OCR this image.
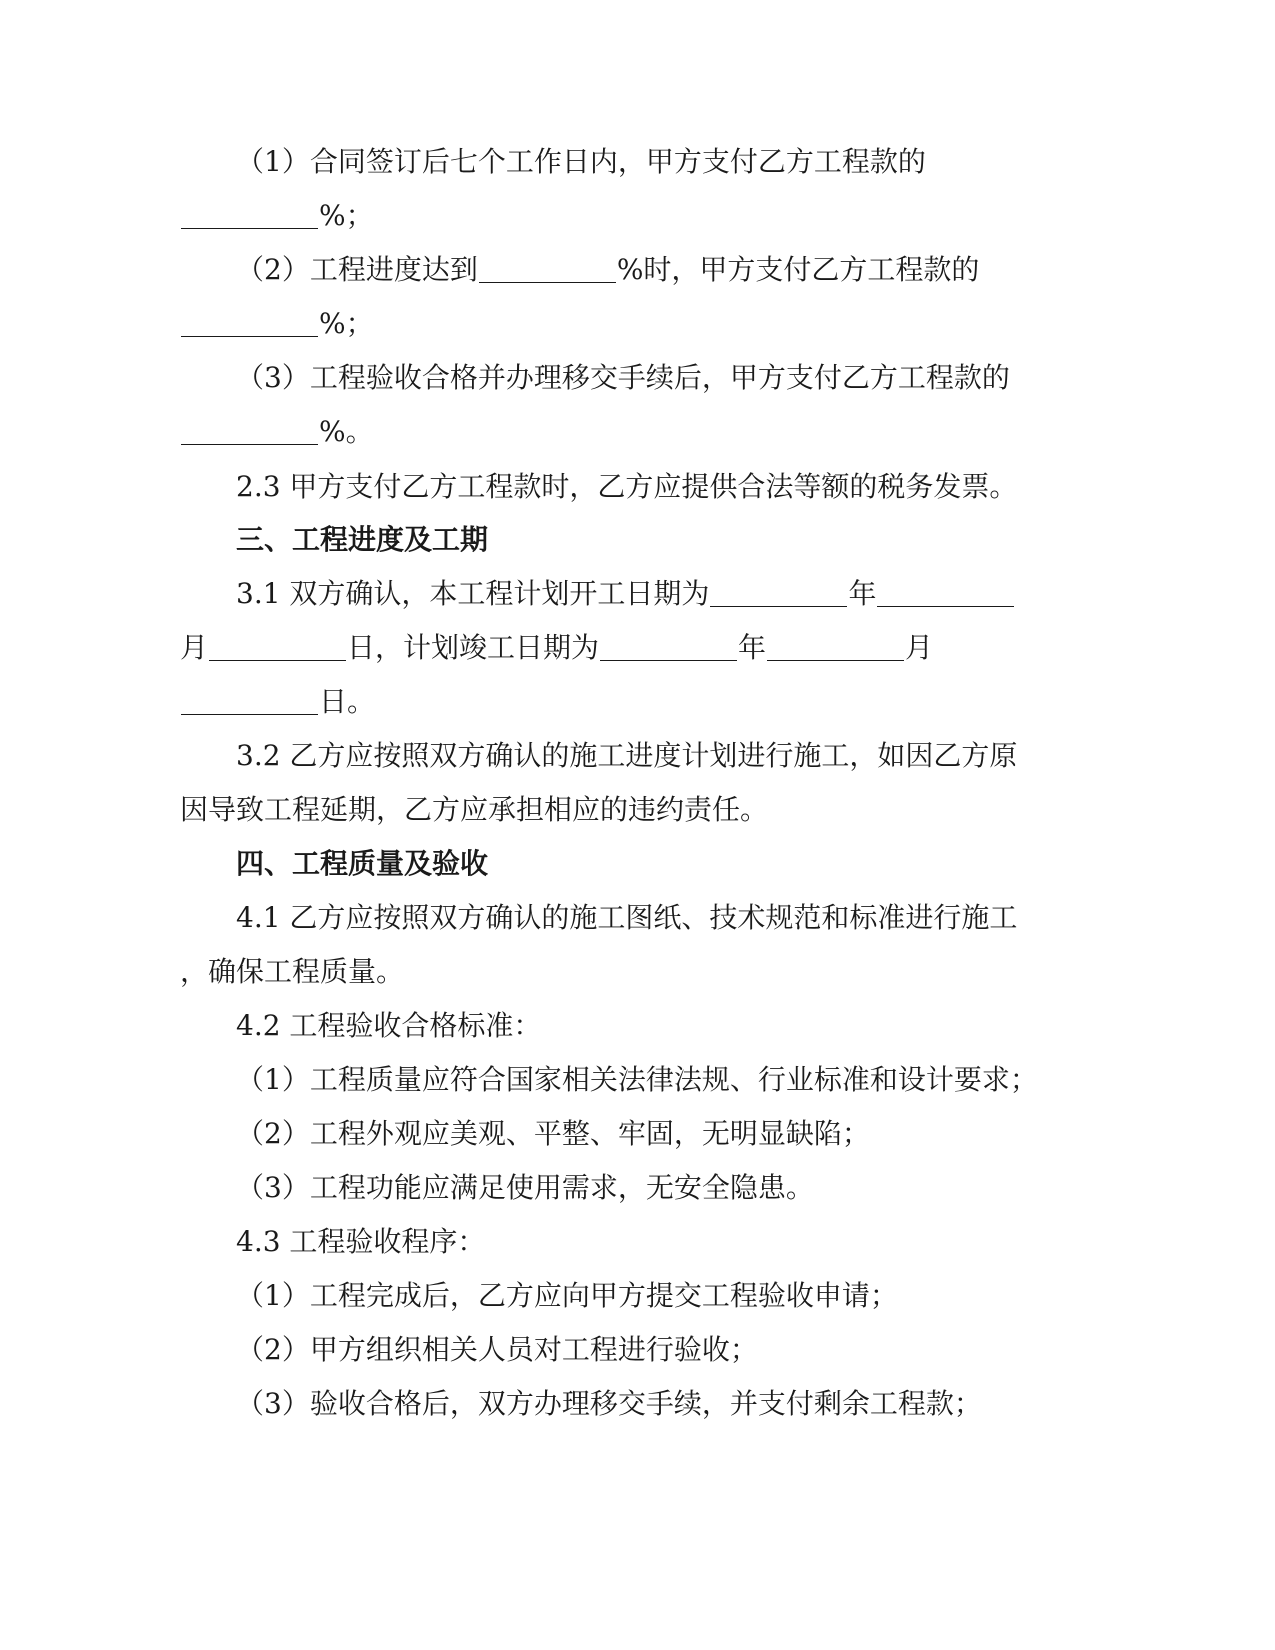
（1）合同签订后七个工作日内，甲方支付乙方工程款的
%；
（2）工程进度达到	%时，甲方支付乙方工程款的
%；
（3）工程验收合格并办理移交手续后，甲方支付乙方工程款的
%。
2.3 甲方支付乙方工程款时，乙方应提供合法等额的税务发票。
三、工程进度及工期
3.1 双方确认，本工程计划开工日期为	年
月	日，计划竣工日期为	年	月
日。
3.2 乙方应按照双方确认的施工进度计划进行施工，如因乙方原
因导致工程延期，乙方应承担相应的违约责任。
四、工程质量及验收
4.1 乙方应按照双方确认的施工图纸、技术规范和标准进行施工
，确保工程质量。
4.2 工程验收合格标准：
（1）工程质量应符合国家相关法律法规、行业标准和设计要求；
（2）工程外观应美观、平整、牢固，无明显缺陷；
（3）工程功能应满足使用需求，无安全隐患。
4.3 工程验收程序：
（1）工程完成后，乙方应向甲方提交工程验收申请；
（2）甲方组织相关人员对工程进行验收；
（3）验收合格后，双方办理移交手续，并支付剩余工程款；
